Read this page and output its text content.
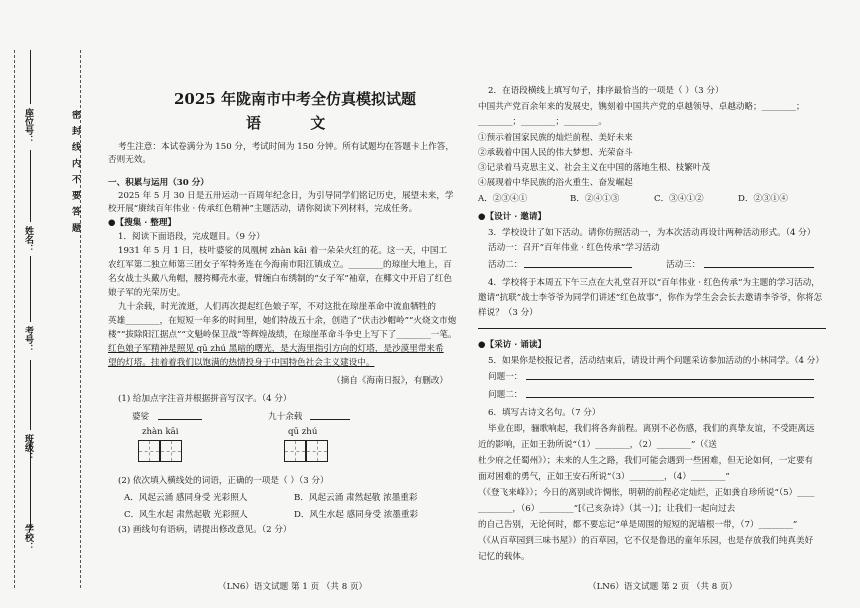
密 封 线 内 不 要 答 题
学校：
班级：
考号：
姓名：
座位号：
2025 年陇南市中考全仿真模拟试题
语 文
考生注意：本试卷满分为 150 分，考试时间为 150 分钟。所有试题均在答题卡上作答，
否则无效。
一、积累与运用（30 分）
2025 年 5 月 30 日是五卅运动一百周年纪念日，为引导同学们铭记历史，展望未来，学
校开展“赓续百年伟业 · 传承红色精神”主题活动，请你阅读下列材料，完成任务。
●【搜集 · 整理】
1．阅读下面语段，完成题目。（9 分）
1931 年 5 月 1 日，枝叶婆娑的凤凰树 zhàn kāi 着一朵朵火红的花。这一天，中国工
农红军第二独立师第三团女子军特务连在今海南市阳江镇成立。________的琼崖大地上，百
名女战士头戴八角帽，腰挎椰壳水壶，臂缠白布绣制的“女子军”袖章，在椰文中开启了红色
娘子军的光荣历史。
九十余载，时光流逝，人们再次提起红色娘子军，不对这批在琼崖革命中流血牺牲的
英雄________，在短短一年多的时间里，她们特战五十余，创造了“伏击沙帽岭”“火烧文市炮
楼”“拔除阳江据点”“文魁岭保卫战”等辉煌战绩，在琼崖革命斗争史上写下了________一笔。
红色娘子军精神是照见 qū zhú 黑暗的曙光，是大海里指引方向的灯塔，是沙漠里带来希
望的灯塔。挂着着我们以饱满的热情投身于中国特色社会主义建设中。
（摘自《海南日报》，有删改）
(1) 给加点字注音并根据拼音写汉字。（4 分）
婆娑	九十余载
zhàn kāi	qū zhú
(2) 依次填入横线处的词语，正确的一项是（ ）（3 分）
A．风起云涌 感同身受 光彩照人	B．风起云涌 肃然起敬 浓墨重彩
C．风生水起 肃然起敬 光彩照人	D．风生水起 感同身受 浓墨重彩
(3) 画线句有语病，请提出修改意见。（2 分）
（LN6）语文试题 第 1 页 （共 8 页）
2．在语段横线上填写句子，排序最恰当的一项是（ ）（3 分）
中国共产党百余年来的发展史，镌刻着中国共产党的卓越领导、卓越动略；________；
________；________；________。
①预示着国家民族的灿烂前程、美好未来
②承载着中国人民的伟大梦想、光荣奋斗
③记录着马克思主义、社会主义在中国的落地生根、枝繁叶茂
④展现着中华民族的浴火重生、奋发崛起
A．②③④①	B．②④①③	C．③④①②	D．②③①④
●【设计 · 邀请】
3．学校设计了如下活动。请你仿照活动一，为本次活动再设计两种活动形式。（4 分）
活动一：召开“百年伟业 · 红色传承”学习活动
活动二：	活动三：
4．学校将于本周五下午三点在大礼堂召开以“百年伟业 · 红色传承”为主题的学习活动，
邀请“抗联”战士李爷爷为同学们讲述“红色故事”，你作为学生会会长去邀请李爷爷，你将怎
样说？（3 分）
●【采访 · 诵读】
5．如果你是校报记者，活动结束后，请设计两个问题采访参加活动的小林同学。（4 分）
问题一：
问题二：
6．填写古诗文名句。（7 分）
毕业在即，骊歌响起，我们将各奔前程。离别不必伤感，我们的真挚友谊，不受距离远
近的影响，正如王勃所说“（1）________，（2）________”（《送
杜少府之任蜀州》）；未来的人生之路，我们可能会遇到一些困难，但无论如何，一定要有
面对困难的勇气，正如王安石所说“（3）________，（4）________”
（《登飞来峰》）；今日的离别或许惆怅，明朝的前程必定灿烂，正如龚自珍所说“（5）____
________，（6）________”[《己亥杂诗》（其一）]；让我们一起向过去
的自己告别，无论何时，都不要忘记“单是周围的短短的泥墙根一带，（7）________”
（《从百草园到三味书屋》）的百草园，它不仅是鲁迅的童年乐园，也是存放我们纯真美好
记忆的载体。
（LN6）语文试题 第 2 页 （共 8 页）
